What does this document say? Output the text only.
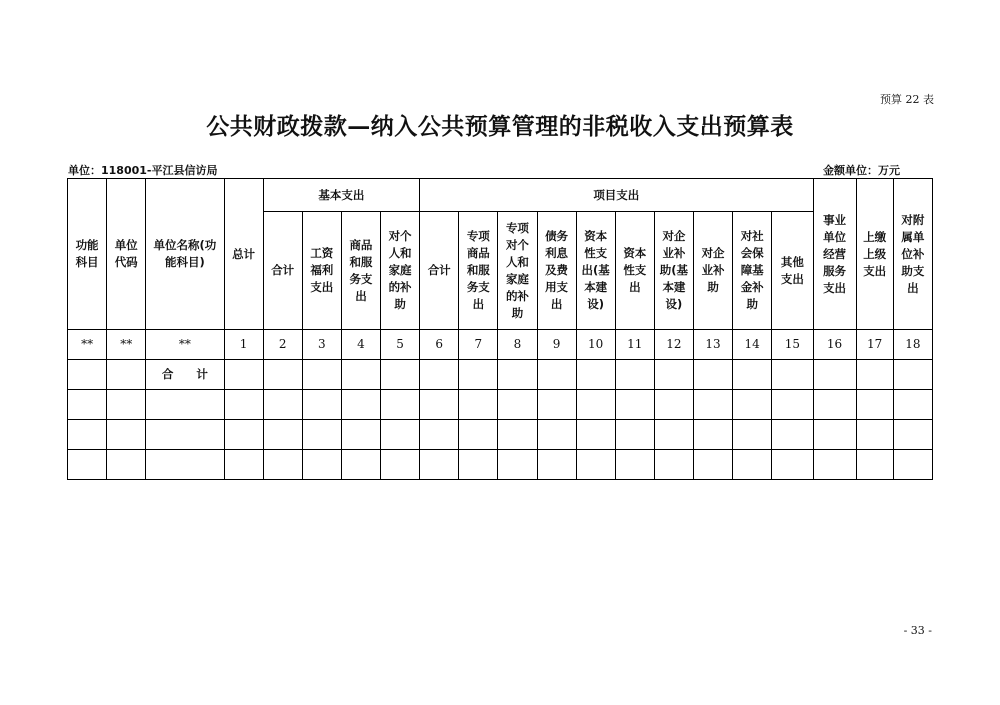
预算 22 表
公共财政拨款—纳入公共预算管理的非税收入支出预算表
单位：118001-平江县信访局	金额单位：万元
功能科目	单位代码	单位名称(功能科目)	总计	基本支出				项目支出										事业单位经营服务支出	上缴上级支出	对附属单位补助支出
				合计	工资福利支出	商品和服务支出	对个人和家庭的补助	合计	专项商品和服务支出	专项对个人和家庭的补助	债务利息及费用支出	资本性支出(基本建设)	资本性支出	对企业补助(基本建设)	对企业补助	对社会保障基金补助	其他支出			
**	**	**	1	2	3	4	5	6	7	8	9	10	11	12	13	14	15	16	17	18
		合　　计																		

- 33 -
